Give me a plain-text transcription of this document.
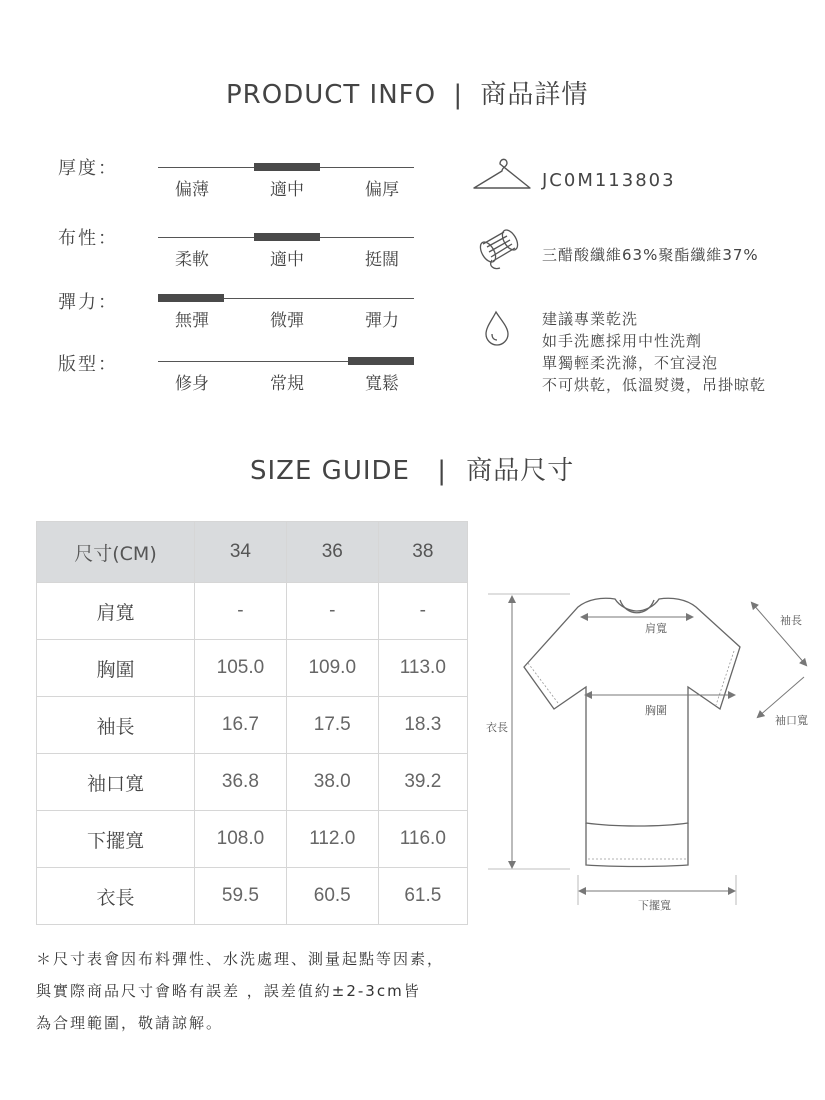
PRODUCT INFO | 商品詳情
厚度：
偏薄	適中	偏厚
布性：
柔軟	適中	挺闊
彈力：
無彈	微彈	彈力
版型：
修身	常規	寬鬆
JC0M113803
三醋酸纖維63%聚酯纖維37%
建議專業乾洗
如手洗應採用中性洗劑
單獨輕柔洗滌，不宜浸泡
不可烘乾，低溫熨燙，吊掛晾乾
SIZE GUIDE | 商品尺寸
尺寸(CM)	34	36	38
肩寬	-	-	-
胸圍	105.0	109.0	113.0
袖長	16.7	17.5	18.3
袖口寬	36.8	38.0	39.2
下擺寬	108.0	112.0	116.0
衣長	59.5	60.5	61.5
衣長
肩寬
胸圍
袖長
袖口寬
下擺寬
＊尺寸表會因布料彈性、水洗處理、測量起點等因素，
與實際商品尺寸會略有誤差 ，誤差值約±2-3cm皆
為合理範圍，敬請諒解。
